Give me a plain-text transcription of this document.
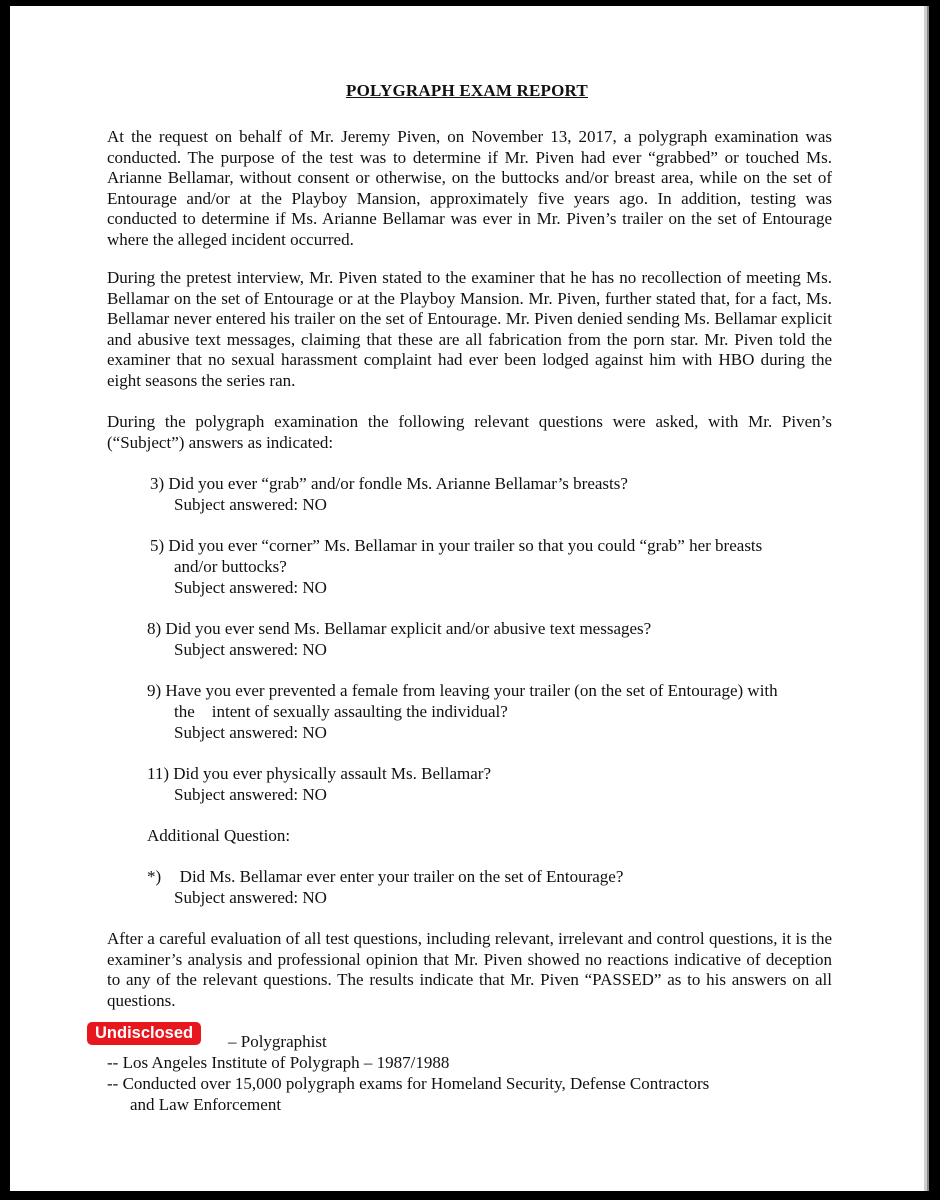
POLYGRAPH EXAM REPORT
At the request on behalf of Mr. Jeremy Piven, on November 13, 2017, a polygraph examination was conducted. The purpose of the test was to determine if Mr. Piven had ever “grabbed” or touched Ms. Arianne Bellamar, without consent or otherwise, on the buttocks and/or breast area, while on the set of Entourage and/or at the Playboy Mansion, approximately five years ago. In addition, testing was conducted to determine if Ms. Arianne Bellamar was ever in Mr. Piven’s trailer on the set of Entourage where the alleged incident occurred.
During the pretest interview, Mr. Piven stated to the examiner that he has no recollection of meeting Ms. Bellamar on the set of Entourage or at the Playboy Mansion. Mr. Piven, further stated that, for a fact, Ms. Bellamar never entered his trailer on the set of Entourage. Mr. Piven denied sending Ms. Bellamar explicit and abusive text messages, claiming that these are all fabrication from the porn star. Mr. Piven told the examiner that no sexual harassment complaint had ever been lodged against him with HBO during the eight seasons the series ran.
During the polygraph examination the following relevant questions were asked, with Mr. Piven’s (“Subject”) answers as indicated:
3) Did you ever “grab” and/or fondle Ms. Arianne Bellamar’s breasts?
Subject answered: NO
5) Did you ever “corner” Ms. Bellamar in your trailer so that you could “grab” her breasts
and/or buttocks?
Subject answered: NO
8) Did you ever send Ms. Bellamar explicit and/or abusive text messages?
Subject answered: NO
9) Have you ever prevented a female from leaving your trailer (on the set of Entourage) with
the    intent of sexually assaulting the individual?
Subject answered: NO
11) Did you ever physically assault Ms. Bellamar?
Subject answered: NO
Additional Question:
*) Did Ms. Bellamar ever enter your trailer on the set of Entourage?
Subject answered: NO
After a careful evaluation of all test questions, including relevant, irrelevant and control questions, it is the examiner’s analysis and professional opinion that Mr. Piven showed no reactions indicative of deception to any of the relevant questions. The results indicate that Mr. Piven “PASSED” as to his answers on all questions.
– Polygraphist
-- Los Angeles Institute of Polygraph – 1987/1988
-- Conducted over 15,000 polygraph exams for Homeland Security, Defense Contractors
and Law Enforcement
Undisclosed
